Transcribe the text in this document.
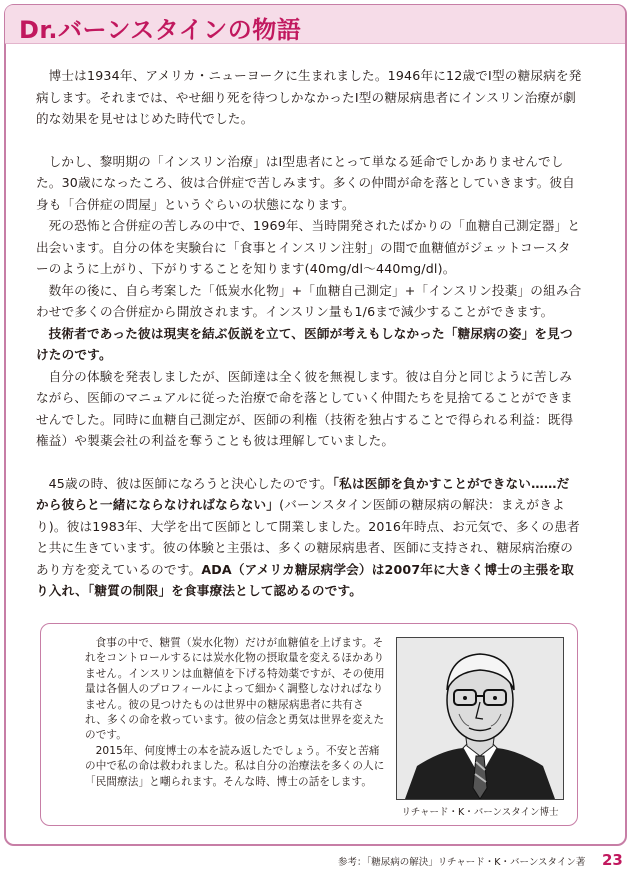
Dr.バーンスタインの物語

博士は1934年、アメリカ・ニューヨークに生まれました。1946年に12歳でⅠ型の糖尿病を発病します。それまでは、やせ細り死を待つしかなかったⅠ型の糖尿病患者にインスリン治療が劇的な効果を見せはじめた時代でした。

しかし、黎明期の「インスリン治療」はⅠ型患者にとって単なる延命でしかありませんでした。30歳になったころ、彼は合併症で苦しみます。多くの仲間が命を落としていきます。彼自身も「合併症の問屋」というぐらいの状態になります。

死の恐怖と合併症の苦しみの中で、1969年、当時開発されたばかりの「血糖自己測定器」と出会います。自分の体を実験台に「食事とインスリン注射」の間で血糖値がジェットコースターのように上がり、下がりすることを知ります(40mg/dl～440mg/dl)。

数年の後に、自ら考案した「低炭水化物」+「血糖自己測定」+「インスリン投薬」の組み合わせで多くの合併症から開放されます。インスリン量も1/6まで減少することができます。

技術者であった彼は現実を結ぶ仮説を立て、医師が考えもしなかった「糖尿病の姿」を見つけたのです。

自分の体験を発表しましたが、医師達は全く彼を無視します。彼は自分と同じように苦しみながら、医師のマニュアルに従った治療で命を落としていく仲間たちを見捨てることができませんでした。同時に血糖自己測定が、医師の利権（技術を独占することで得られる利益：既得権益）や製薬会社の利益を奪うことも彼は理解していました。

45歳の時、彼は医師になろうと決心したのです。「私は医師を負かすことができない……だから彼らと一緒にならなければならない」(バーンスタイン医師の糖尿病の解決：まえがきより)。彼は1983年、大学を出て医師として開業しました。2016年時点、お元気で、多くの患者と共に生きています。彼の体験と主張は、多くの糖尿病患者、医師に支持され、糖尿病治療のあり方を変えているのです。ADA（アメリカ糖尿病学会）は2007年に大きく博士の主張を取り入れ、「糖質の制限」を食事療法として認めるのです。

食事の中で、糖質（炭水化物）だけが血糖値を上げます。それをコントロールするには炭水化物の摂取量を変えるほかありません。インスリンは血糖値を下げる特効薬ですが、その使用量は各個人のプロフィールによって細かく調整しなければなりません。彼の見つけたものは世界中の糖尿病患者に共有され、多くの命を救っています。彼の信念と勇気は世界を変えたのです。

2015年、何度博士の本を読み返したでしょう。不安と苦痛の中で私の命は救われました。私は自分の治療法を多くの人に「民間療法」と嘲られます。そんな時、博士の話をします。

リチャード・K・バーンスタイン博士
参考：「糖尿病の解決」リチャード・K・バーンスタイン著	23
